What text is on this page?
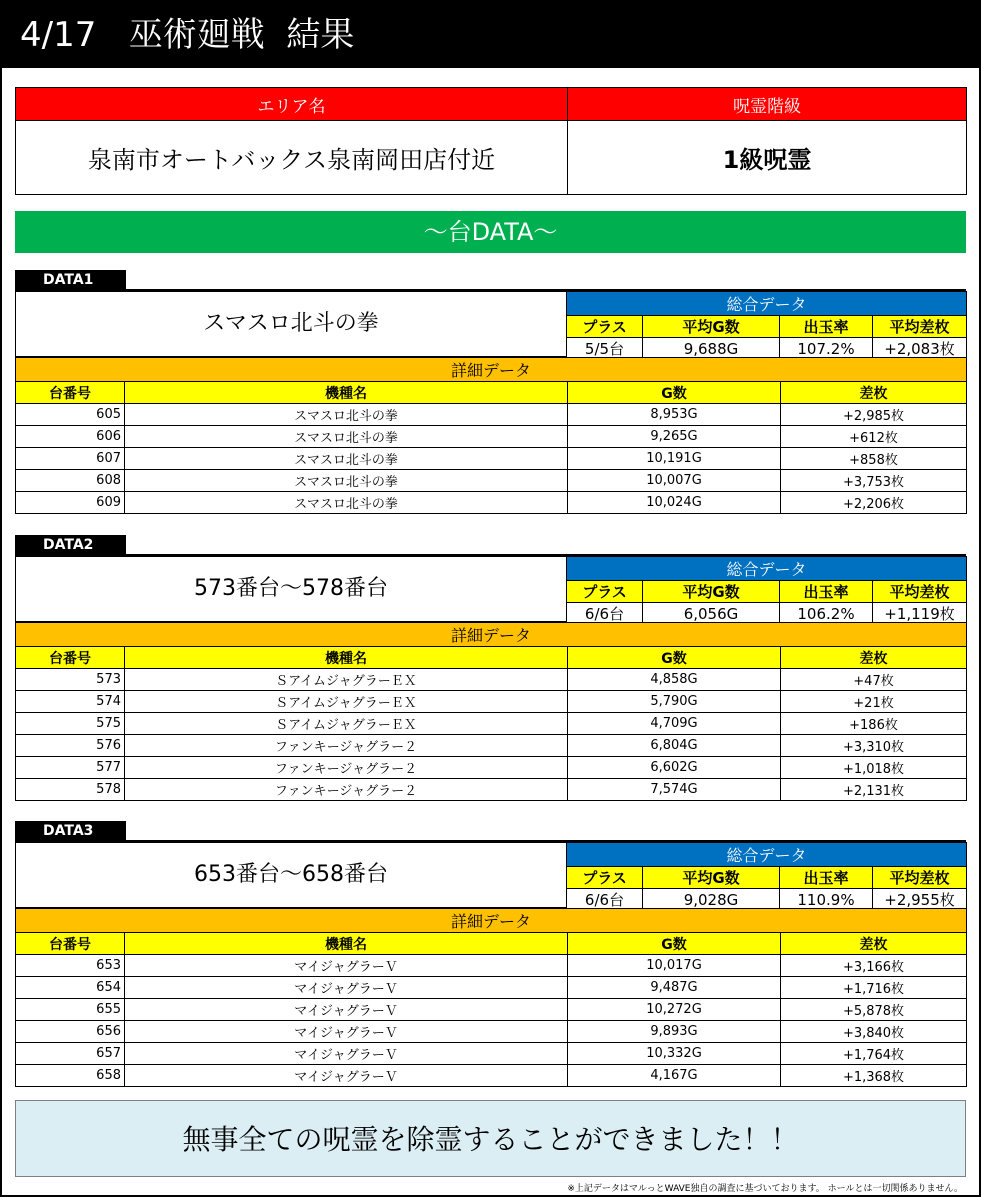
4/17 巫術廻戦 結果
エリア名	呪霊階級
泉南市オートバックス泉南岡田店付近	1級呪霊
～台DATA～
DATA1
スマスロ北斗の拳
総合データ			
プラス	平均G数	出玉率	平均差枚
5/5台	9,688G	107.2%	+2,083枚
詳細データ			
台番号	機種名	G数	差枚
605	スマスロ北斗の拳	8,953G	+2,985枚
606	スマスロ北斗の拳	9,265G	+612枚
607	スマスロ北斗の拳	10,191G	+858枚
608	スマスロ北斗の拳	10,007G	+3,753枚
609	スマスロ北斗の拳	10,024G	+2,206枚
DATA2
573番台～578番台
総合データ			
プラス	平均G数	出玉率	平均差枚
6/6台	6,056G	106.2%	+1,119枚
詳細データ			
台番号	機種名	G数	差枚
573	ＳアイムジャグラーＥＸ	4,858G	+47枚
574	ＳアイムジャグラーＥＸ	5,790G	+21枚
575	ＳアイムジャグラーＥＸ	4,709G	+186枚
576	ファンキージャグラー２	6,804G	+3,310枚
577	ファンキージャグラー２	6,602G	+1,018枚
578	ファンキージャグラー２	7,574G	+2,131枚
DATA3
653番台～658番台
総合データ			
プラス	平均G数	出玉率	平均差枚
6/6台	9,028G	110.9%	+2,955枚
詳細データ			
台番号	機種名	G数	差枚
653	マイジャグラーＶ	10,017G	+3,166枚
654	マイジャグラーＶ	9,487G	+1,716枚
655	マイジャグラーＶ	10,272G	+5,878枚
656	マイジャグラーＶ	9,893G	+3,840枚
657	マイジャグラーＶ	10,332G	+1,764枚
658	マイジャグラーＶ	4,167G	+1,368枚
無事全ての呪霊を除霊することができました！！
※上記データはマルっとWAVE独自の調査に基づいております。 ホールとは一切関係ありません。
